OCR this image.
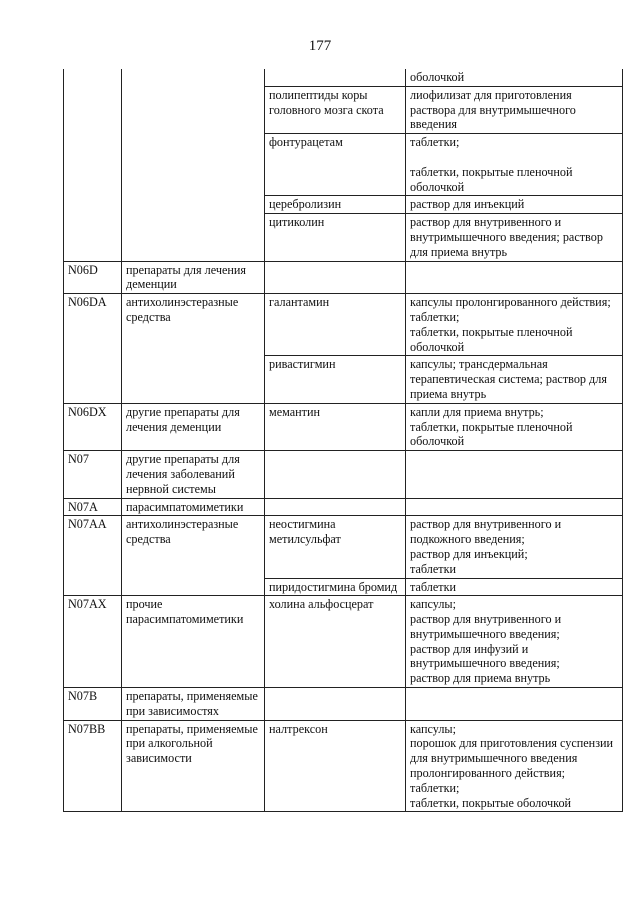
177
			оболочкой
		полипептиды коры головного мозга скота	лиофилизат для приготовления раствора для внутримышечного введения
		фонтурацетам	таблетки;

таблетки, покрытые пленочной оболочкой
		церебролизин	раствор для инъекций
		цитиколин	раствор для внутривенного и внутримышечного введения; раствор для приема внутрь
N06D	препараты для лечения деменции		
N06DA	антихолинэстеразные средства	галантамин	капсулы пролонгированного действия; таблетки;
таблетки, покрытые пленочной оболочкой
		ривастигмин	капсулы; трансдермальная терапевтическая система; раствор для приема внутрь
N06DX	другие препараты для лечения деменции	мемантин	капли для приема внутрь;
таблетки, покрытые пленочной оболочкой
N07	другие препараты для лечения заболеваний нервной системы		
N07A	парасимпатомиметики		
N07AA	антихолинэстеразные средства	неостигмина метилсульфат	раствор для внутривенного и подкожного введения;
раствор для инъекций;
таблетки
		пиридостигмина бромид	таблетки
N07AX	прочие парасимпатомиметики	холина альфосцерат	капсулы;
раствор для внутривенного и внутримышечного введения;
раствор для инфузий и внутримышечного введения;
раствор для приема внутрь
N07B	препараты, применяемые при зависимостях		
N07BB	препараты, применяемые при алкогольной зависимости	налтрексон	капсулы;
порошок для приготовления суспензии для внутримышечного введения пролонгированного действия;
таблетки;
таблетки, покрытые оболочкой
